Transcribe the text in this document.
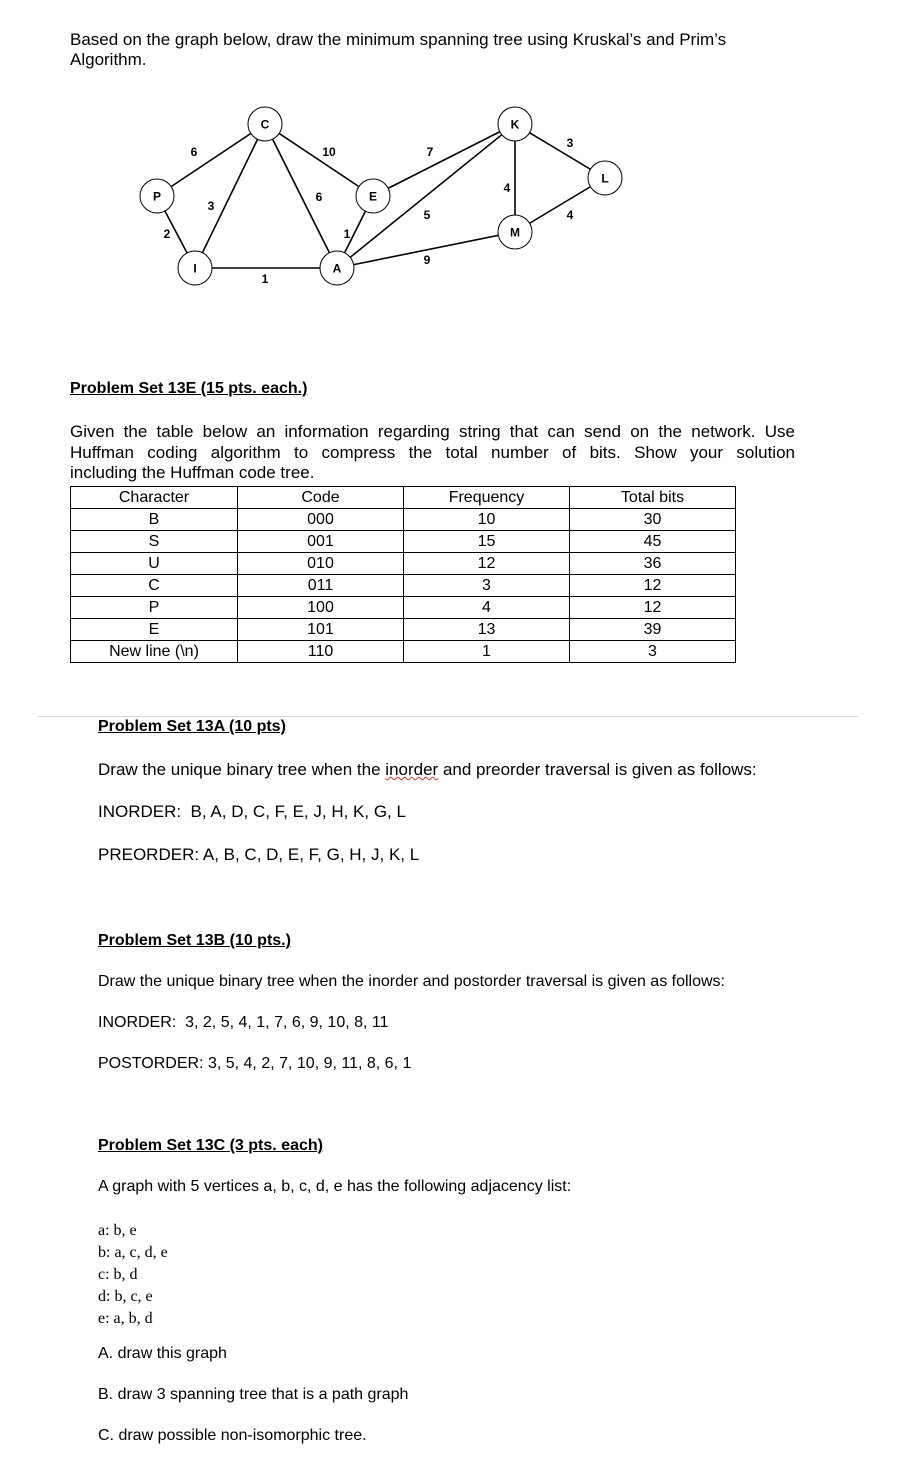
Based on the graph below, draw the minimum spanning tree using Kruskal’s and Prim’s
Algorithm.
6
2
3
1
10
6
1
7
5
9
4
3
4
C	K
P	E
L
M
I	A
Problem Set 13E (15 pts. each.)
Given the table below an information regarding string that can send on the network. Use
Huffman coding algorithm to compress the total number of bits. Show your solution
including the Huffman code tree.
Character	Code	Frequency	Total bits
B	000	10	30
S	001	15	45
U	010	12	36
C	011	3	12
P	100	4	12
E	101	13	39
New line (\n)	110	1	3
Problem Set 13A (10 pts)
Draw the unique binary tree when the inorder and preorder traversal is given as follows:
INORDER:  B, A, D, C, F, E, J, H, K, G, L
PREORDER: A, B, C, D, E, F, G, H, J, K, L
Problem Set 13B (10 pts.)
Draw the unique binary tree when the inorder and postorder traversal is given as follows:
INORDER:  3, 2, 5, 4, 1, 7, 6, 9, 10, 8, 11
POSTORDER: 3, 5, 4, 2, 7, 10, 9, 11, 8, 6, 1
Problem Set 13C (3 pts. each)
A graph with 5 vertices a, b, c, d, e has the following adjacency list:
a: b, e
b: a, c, d, e
c: b, d
d: b, c, e
e: a, b, d
A. draw this graph
B. draw 3 spanning tree that is a path graph
C. draw possible non-isomorphic tree.
